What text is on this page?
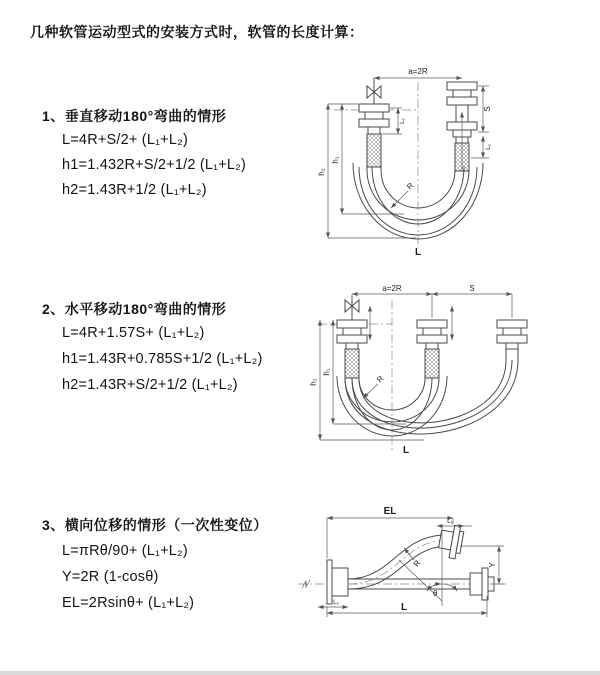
几种软管运动型式的安装方式时，软管的长度计算：
1、垂直移动180°弯曲的情形
L=4R+S/2+ (L₁+L₂)
h1=1.432R+S/2+1/2 (L₁+L₂)
h2=1.43R+1/2 (L₁+L₂)
2、水平移动180°弯曲的情形
L=4R+1.57S+ (L₁+L₂)
h1=1.43R+0.785S+1/2 (L₁+L₂)
h2=1.43R+S/2+1/2 (L₁+L₂)
3、横向位移的情形（一次性变位）
L=πRθ/90+ (L₁+L₂)
Y=2R (1-cosθ)
EL=2Rsinθ+ (L₁+L₂)
a=2R
h₂
h₁
L₁
S
L₁
R
L
a=2R	S
h₂
h₁
R
L
θ
R
EL
L₁
Y
L
L₁
